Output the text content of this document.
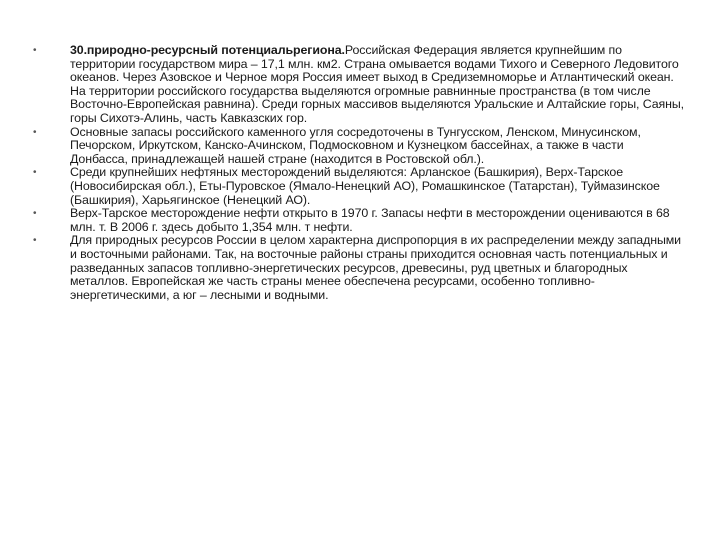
•	30.природно-ресурсный потенциальрегиона.Российская Федерация является крупнейшим по территории государством мира – 17,1 млн. км2. Страна омывается водами Тихого и Северного Ледовитого океанов. Через Азовское и Черное моря Россия имеет выход в Средиземноморье и Атлантический океан. На территории российского государства выделяются огромные равнинные пространства (в том числе Восточно-Европейская равнина). Среди горных массивов выделяются Уральские и Алтайские горы, Саяны, горы Сихотэ-Алинь, часть Кавказских гор.
•	Основные запасы российского каменного угля сосредоточены в Тунгусском, Ленском, Минусинском, Печорском, Иркутском, Канско-Ачинском, Подмосковном и Кузнецком бассейнах, а также в части Донбасса, принадлежащей нашей стране (находится в Ростовской обл.).
•	Среди крупнейших нефтяных месторождений выделяются: Арланское (Башкирия), Верх-Тарское (Новосибирская обл.), Еты-Пуровское (Ямало-Ненецкий АО), Ромашкинское (Татарстан), Туймазинское (Башкирия), Харьягинское (Ненецкий АО).
•	Верх-Тарское месторождение нефти открыто в 1970 г. Запасы нефти в месторождении оцениваются в 68 млн. т. В 2006 г. здесь добыто 1,354 млн. т нефти.
•	Для природных ресурсов России в целом характерна диспропорция в их распределении между западными и восточными районами. Так, на восточные районы страны приходится основная часть потенциальных и разведанных запасов топливно-энергетических ресурсов, древесины, руд цветных и благородных металлов. Европейская же часть страны менее обеспечена ресурсами, особенно топливно-энергетическими, а юг – лесными и водными.
